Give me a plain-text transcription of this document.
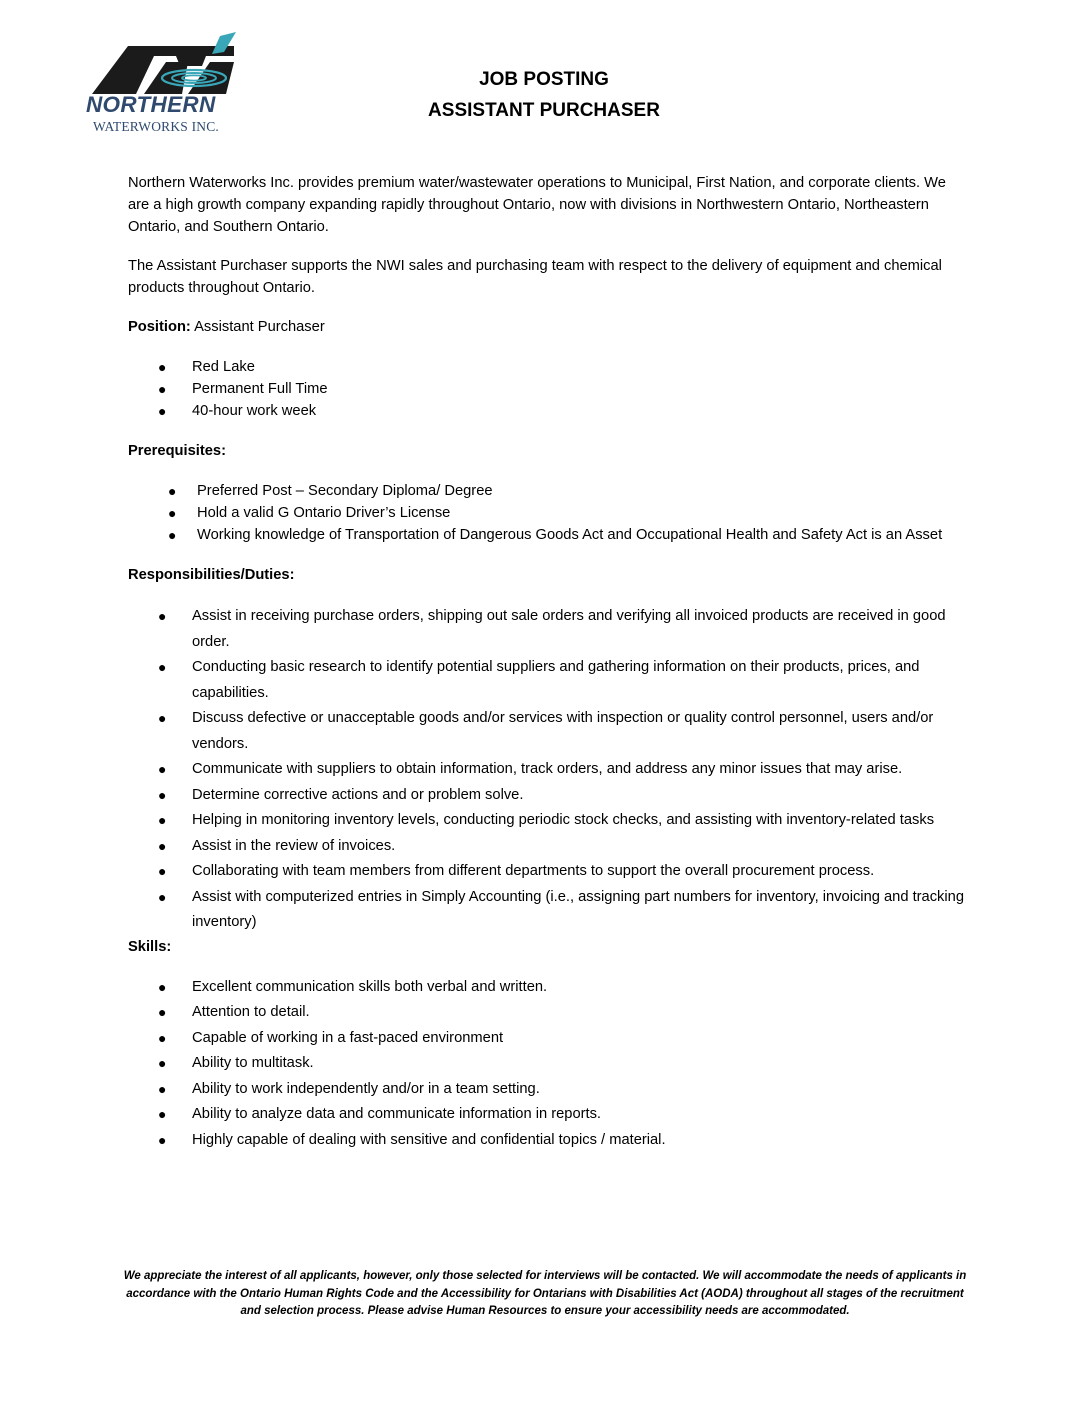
NORTHERN
WATERWORKS INC.
JOB POSTING
ASSISTANT PURCHASER

Northern Waterworks Inc. provides premium water/wastewater operations to Municipal, First Nation, and corporate clients. We are a high growth company expanding rapidly throughout Ontario, now with divisions in Northwestern Ontario, Northeastern Ontario, and Southern Ontario.

The Assistant Purchaser supports the NWI sales and purchasing team with respect to the delivery of equipment and chemical products throughout Ontario.

Position: Assistant Purchaser

● Red Lake
● Permanent Full Time
● 40-hour work week

Prerequisites:

● Preferred Post – Secondary Diploma/ Degree
● Hold a valid G Ontario Driver’s License
● Working knowledge of Transportation of Dangerous Goods Act and Occupational Health and Safety Act is an Asset

Responsibilities/Duties:

● Assist in receiving purchase orders, shipping out sale orders and verifying all invoiced products are received in good order.
● Conducting basic research to identify potential suppliers and gathering information on their products, prices, and capabilities.
● Discuss defective or unacceptable goods and/or services with inspection or quality control personnel, users and/or vendors.
● Communicate with suppliers to obtain information, track orders, and address any minor issues that may arise.
● Determine corrective actions and or problem solve.
● Helping in monitoring inventory levels, conducting periodic stock checks, and assisting with inventory-related tasks
● Assist in the review of invoices.
● Collaborating with team members from different departments to support the overall procurement process.
● Assist with computerized entries in Simply Accounting (i.e., assigning part numbers for inventory, invoicing and tracking inventory)

Skills:

● Excellent communication skills both verbal and written.
● Attention to detail.
● Capable of working in a fast-paced environment
● Ability to multitask.
● Ability to work independently and/or in a team setting.
● Ability to analyze data and communicate information in reports.
● Highly capable of dealing with sensitive and confidential topics / material.
We appreciate the interest of all applicants, however, only those selected for interviews will be contacted. We will accommodate the needs of applicants in accordance with the Ontario Human Rights Code and the Accessibility for Ontarians with Disabilities Act (AODA) throughout all stages of the recruitment and selection process. Please advise Human Resources to ensure your accessibility needs are accommodated.
